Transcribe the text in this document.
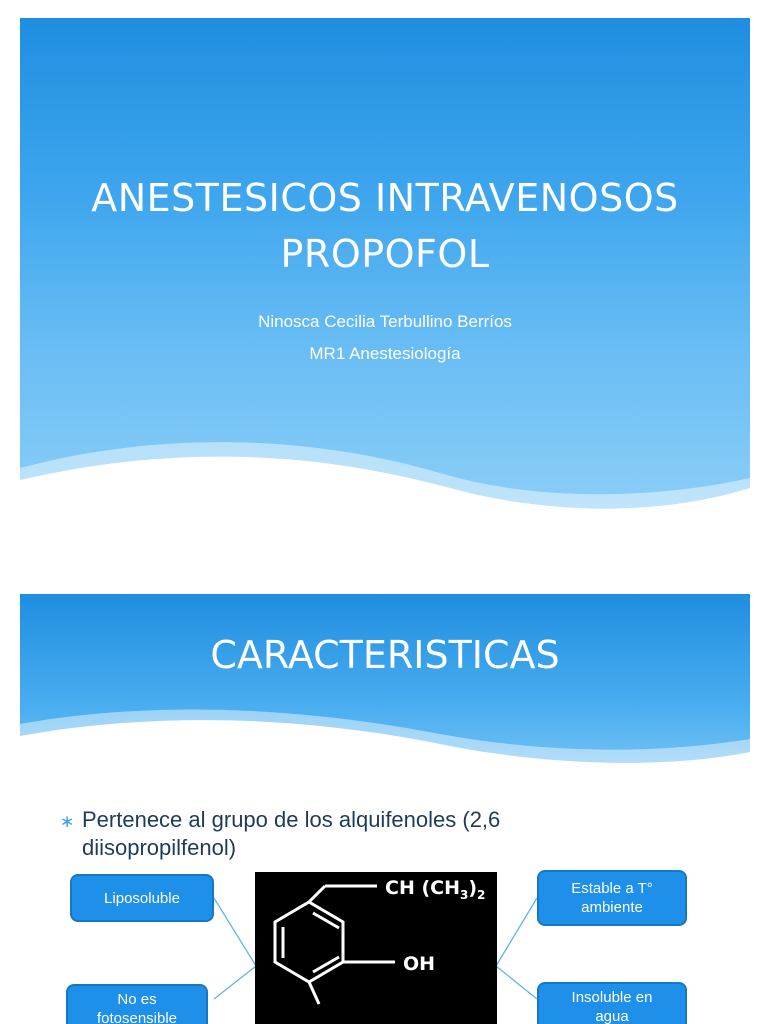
ANESTESICOS INTRAVENOSOS
PROPOFOL
Ninosca Cecilia Terbullino Berríos
MR1 Anestesiología
CARACTERISTICAS
∗ Pertenece al grupo de los alquifenoles (2,6
diisopropilfenol)
Liposoluble
No es
fotosensible
Estable a T°
ambiente
Insoluble en
agua
CH $(CH_3)_2$
OH
